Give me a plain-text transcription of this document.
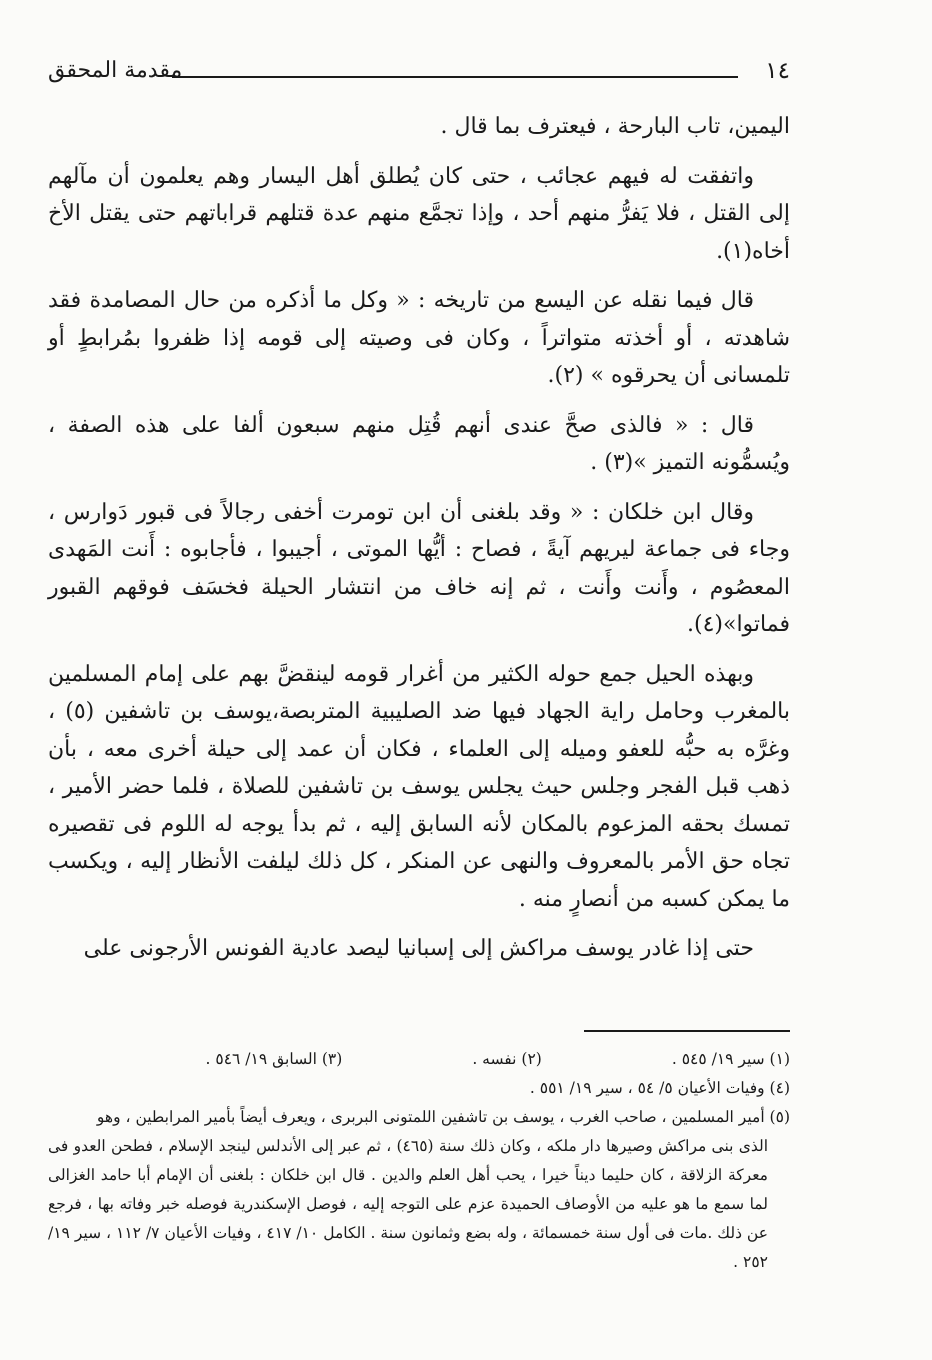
١٤
مقدمة المحقق

اليمين، تاب البارحة ، فيعترف بما قال .

واتفقت له فيهم عجائب ، حتى كان يُطلق أهل اليسار وهم يعلمون أن مآلهم إلى القتل ، فلا يَفرُّ منهم أحد ، وإذا تجمَّع منهم عدة قتلهم قراباتهم حتى يقتل الأخ أخاه(١).

قال فيما نقله عن اليسع من تاريخه : « وكل ما أذكره من حال المصامدة فقد شاهدته ، أو أخذته متواتراً ، وكان فى وصيته إلى قومه إذا ظفروا بمُرابطٍ أو تلمسانى أن يحرقوه » (٢).

قال : « فالذى صحَّ عندى أنهم قُتِل منهم سبعون ألفا على هذه الصفة ، ويُسمُّونه التميز »(٣) .

وقال ابن خلكان : « وقد بلغنى أن ابن تومرت أخفى رجالاً فى قبور دَوارس ، وجاء فى جماعة ليريهم آيةً ، فصاح : أيُّها الموتى ، أجيبوا ، فأجابوه : أَنت المَهدى المعصُوم ، وأَنت وأَنت ، ثم إنه خاف من انتشار الحيلة فخسَف فوقهم القبور فماتوا»(٤).

وبهذه الحيل جمع حوله الكثير من أغرار قومه لينقضَّ بهم على إمام المسلمين بالمغرب وحامل راية الجهاد فيها ضد الصليبية المتربصة،يوسف بن تاشفين (٥) ، وغرَّه به حبُّه للعفو وميله إلى العلماء ، فكان أن عمد إلى حيلة أخرى معه ، بأن ذهب قبل الفجر وجلس حيث يجلس يوسف بن تاشفين للصلاة ، فلما حضر الأمير ، تمسك بحقه المزعوم بالمكان لأنه السابق إليه ، ثم بدأ يوجه له اللوم فى تقصيره تجاه حق الأمر بالمعروف والنهى عن المنكر ، كل ذلك ليلفت الأنظار إليه ، ويكسب ما يمكن كسبه من أنصارٍ منه .

حتى إذا غادر يوسف مراكش إلى إسبانيا ليصد عادية الفونس الأرجونى على

(١) سير ١٩/ ٥٤٥ .
(٢) نفسه .
(٣) السابق ١٩/ ٥٤٦ .

(٤) وفيات الأعيان ٥/ ٥٤ ، سير ١٩/ ٥٥١ .

(٥) أمير المسلمين ، صاحب الغرب ، يوسف بن تاشفين اللمتونى البربرى ، ويعرف أيضاً بأمير المرابطين ، وهو
الذى بنى مراكش وصيرها دار ملكه ، وكان ذلك سنة (٤٦٥) ، ثم عبر إلى الأندلس لينجد الإسلام ، فطحن العدو فى معركة الزلاقة ، كان حليما ديناً خيرا ، يحب أهل العلم والدين . قال ابن خلكان : بلغنى أن الإمام أبا حامد الغزالى لما سمع ما هو عليه من الأوصاف الحميدة عزم على التوجه إليه ، فوصل الإسكندرية فوصله خبر وفاته بها ، فرجع عن ذلك .مات فى أول سنة خمسمائة ، وله بضع وثمانون سنة . الكامل ١٠/ ٤١٧ ، وفيات الأعيان ٧/ ١١٢ ، سير ١٩/ ٢٥٢ .
